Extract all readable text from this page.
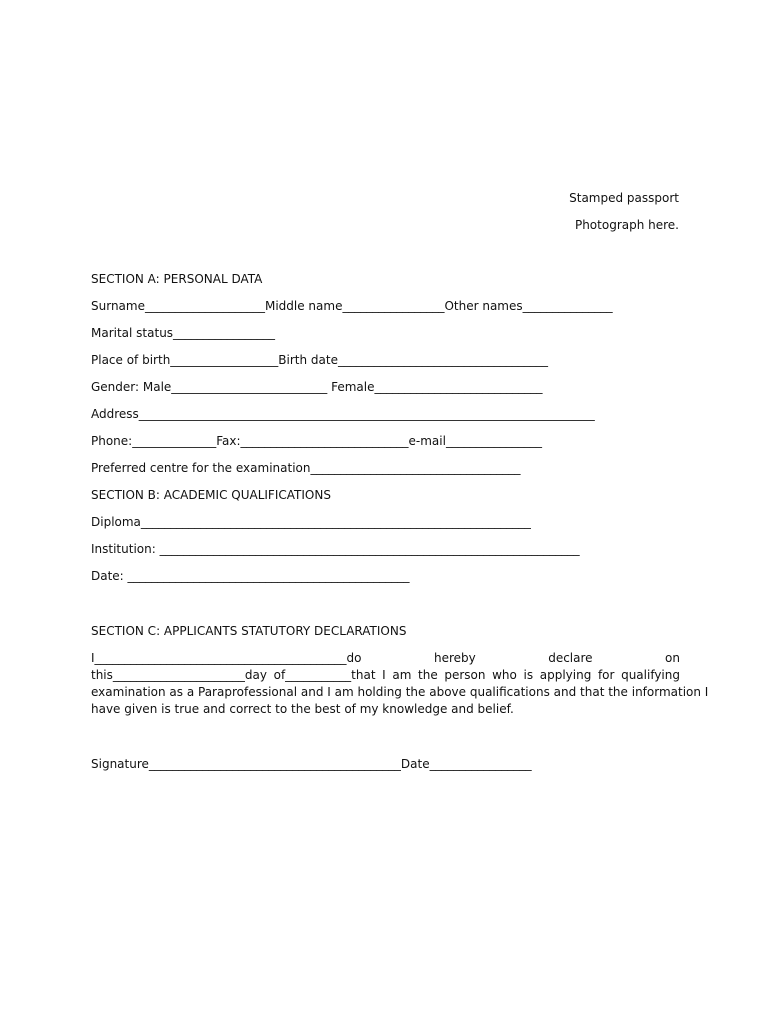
Stamped passport
Photograph here.
SECTION A: PERSONAL DATA
Surname____________________Middle name_________________Other names_______________
Marital status_________________
Place of birth__________________Birth date___________________________________
Gender: Male__________________________ Female____________________________
Address____________________________________________________________________________
Phone:______________Fax:____________________________e-mail________________
Preferred centre for the examination___________________________________
SECTION B: ACADEMIC QUALIFICATIONS
Diploma_________________________________________________________________
Institution: ______________________________________________________________________
Date: _______________________________________________
SECTION C: APPLICANTS STATUTORY DECLARATIONS
I__________________________________________do	hereby	declare	on
this______________________day of___________that I am the person who is applying for qualifying
examination as a Paraprofessional and I am holding the above qualifications and that the information I
have given is true and correct to the best of my knowledge and belief.
Signature__________________________________________Date_________________
